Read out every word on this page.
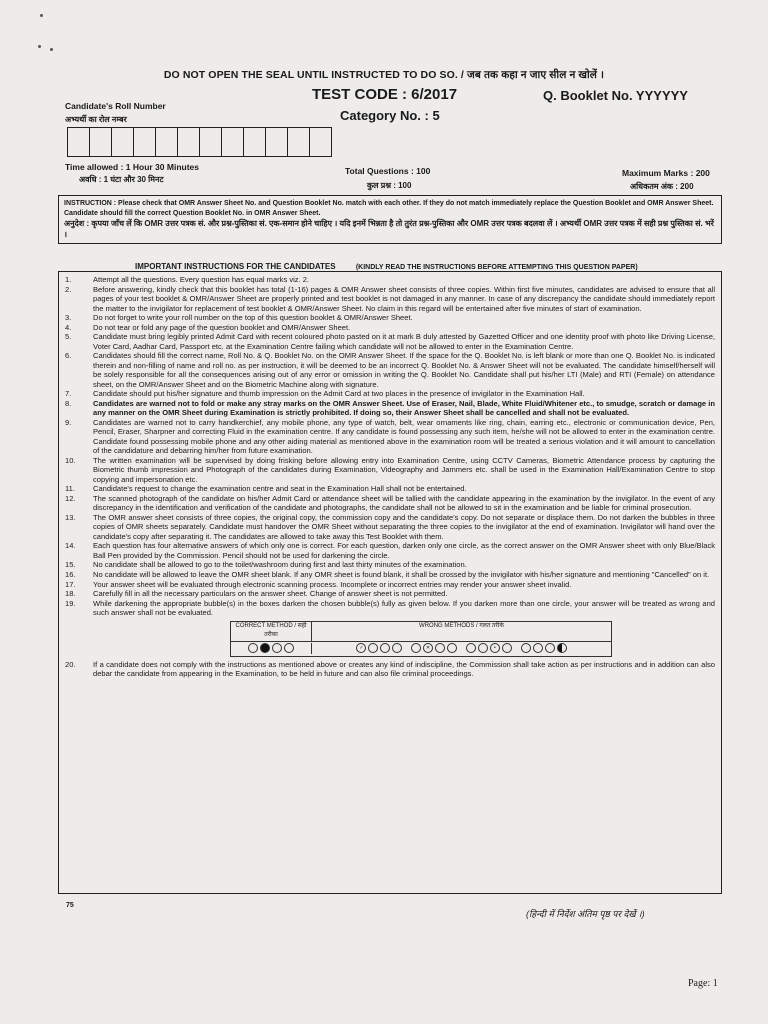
DO NOT OPEN THE SEAL UNTIL INSTRUCTED TO DO SO. / जब तक कहा न जाए सील न खोलें ।
Candidate's Roll Number
अभ्यर्थी का रोल नम्बर
TEST CODE : 6/2017
Category No. : 5
Q. Booklet No. YYYYYY
Time allowed : 1 Hour 30 Minutes
अवधि : 1 घंटा और 30 मिनट
Total Questions : 100
कुल प्रश्न : 100
Maximum Marks : 200
अधिकतम अंक : 200
INSTRUCTION : Please check that OMR Answer Sheet No. and Question Booklet No. match with each other. If they do not match immediately replace the Question Booklet and OMR Answer Sheet. Candidate should fill the correct Question Booklet No. in OMR Answer Sheet.
अनुदेश : कृपया जाँच लें कि OMR उत्तर पत्रक सं. और प्रश्न-पुस्तिका सं. एक-समान होने चाहिए । यदि इनमें भिन्नता है तो तुरंत प्रश्न-पुस्तिका और OMR उत्तर पत्रक बदलवा लें । अभ्यर्थी OMR उत्तर पत्रक में सही प्रश्न पुस्तिका सं. भरें ।
IMPORTANT INSTRUCTIONS FOR THE CANDIDATES	(KINDLY READ THE INSTRUCTIONS BEFORE ATTEMPTING THIS QUESTION PAPER)
1.	Attempt all the questions. Every question has equal marks viz. 2.
2.	Before answering, kindly check that this booklet has total (1-16) pages & OMR Answer sheet consists of three copies. Within first five minutes, candidates are advised to ensure that all pages of your test booklet & OMR/Answer Sheet are properly printed and test booklet is not damaged in any manner. In case of any discrepancy the candidate should immediately report the matter to the invigilator for replacement of test booklet & OMR/Answer Sheet. No claim in this regard will be entertained after five minutes of start of examination.
3.	Do not forget to write your roll number on the top of this question booklet & OMR/Answer Sheet.
4.	Do not tear or fold any page of the question booklet and OMR/Answer Sheet.
5.	Candidate must bring legibly printed Admit Card with recent coloured photo pasted on it at mark B duly attested by Gazetted Officer and one identity proof with photo like Driving License, Voter Card, Aadhar Card, Passport etc. at the Examination Centre failing which candidate will not be allowed to enter in the Examination Centre.
6.	Candidates should fill the correct name, Roll No. & Q. Booklet No. on the OMR Answer Sheet. If the space for the Q. Booklet No. is left blank or more than one Q. Booklet No. is indicated therein and non-filling of name and roll no. as per instruction, it will be deemed to be an incorrect Q. Booklet No. & Answer Sheet will not be evaluated. The candidate himself/herself will be solely responsible for all the consequences arising out of any error or omission in writing the Q. Booklet No. Candidate shall put his/her LTI (Male) and RTI (Female) on attendance sheet, on the OMR/Answer Sheet and on the Biometric Machine along with signature.
7.	Candidate should put his/her signature and thumb impression on the Admit Card at two places in the presence of invigilator in the Examination Hall.
8.	Candidates are warned not to fold or make any stray marks on the OMR Answer Sheet. Use of Eraser, Nail, Blade, White Fluid/Whitener etc., to smudge, scratch or damage in any manner on the OMR Sheet during Examination is strictly prohibited. If doing so, their Answer Sheet shall be cancelled and shall not be evaluated.
9.	Candidates are warned not to carry handkerchief, any mobile phone, any type of watch, belt, wear ornaments like ring, chain, earring etc., electronic or communication device, Pen, Pencil, Eraser, Sharpner and correcting Fluid in the examination centre. If any candidate is found possessing any such item, he/she will not be allowed to enter in the examination centre. Candidate found possessing mobile phone and any other aiding material as mentioned above in the examination room will be treated a serious violation and it will amount to cancellation of the candidature and debarring him/her from future examination.
10.	The written examination will be supervised by doing frisking before allowing entry into Examination Centre, using CCTV Cameras, Biometric Attendance process by capturing the Biometric thumb impression and Photograph of the candidates during Examination, Videography and Jammers etc. shall be used in the Examination Hall/Examination Centre to stop copying and impersonation etc.
11.	Candidate's request to change the examination centre and seat in the Examination Hall shall not be entertained.
12.	The scanned photograph of the candidate on his/her Admit Card or attendance sheet will be tallied with the candidate appearing in the examination by the invigilator. In the event of any discrepancy in the identification and verification of the candidate and photographs, the candidate shall not be allowed to sit in the examination and be liable for criminal prosecution.
13.	The OMR answer sheet consists of three copies, the original copy, the commission copy and the candidate's copy. Do not separate or displace them. Do not darken the bubbles in three copies of OMR sheets separately. Candidate must handover the OMR Sheet without separating the three copies to the invigilator at the end of examination. Invigilator will hand over the candidate's copy after separating it. The candidates are allowed to take away this Test Booklet with them.
14.	Each question has four alternative answers of which only one is correct. For each question, darken only one circle, as the correct answer on the OMR Answer sheet with only Blue/Black Ball Pen provided by the Commission. Pencil should not be used for darkening the circle.
15.	No candidate shall be allowed to go to the toilet/washroom during first and last thirty minutes of the examination.
16.	No candidate will be allowed to leave the OMR sheet blank. If any OMR sheet is found blank, it shall be crossed by the invigilator with his/her signature and mentioning "Cancelled" on it.
17.	Your answer sheet will be evaluated through electronic scanning process. Incomplete or incorrect entries may render your answer sheet invalid.
18.	Carefully fill in all the necessary particulars on the answer sheet. Change of answer sheet is not permitted.
19.	While darkening the appropriate bubble(s) in the boxes darken the chosen bubble(s) fully as given below. If you darken more than one circle, your answer will be treated as wrong and such answer shall not be evaluated.
CORRECT METHOD / सही तरीका
WRONG METHODS / गलत तरीके
✓	✕	•
20.	If a candidate does not comply with the instructions as mentioned above or creates any kind of indiscipline, the Commission shall take action as per instructions and in addition can also debar the candidate from appearing in the Examination, to be held in future and can also file criminal proceedings.
75
(हिन्दी में निर्देश अंतिम पृष्ठ पर देखें ।)
Page: 1
